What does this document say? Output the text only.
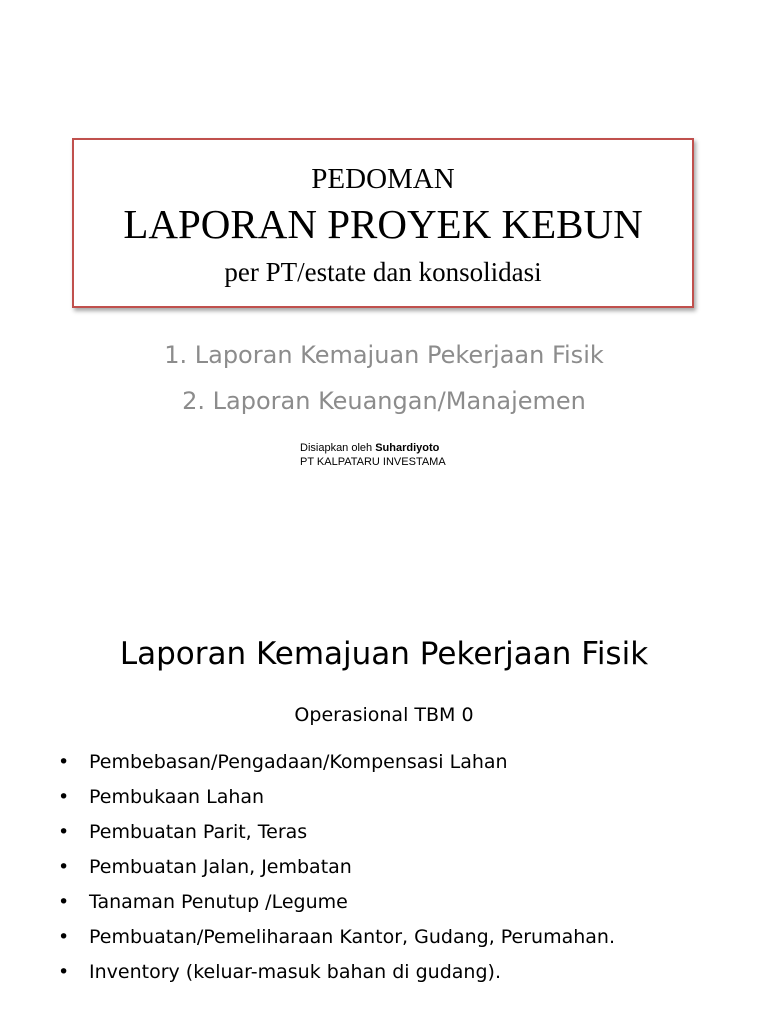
PEDOMAN
LAPORAN PROYEK KEBUN
per PT/estate dan konsolidasi
1. Laporan Kemajuan Pekerjaan Fisik
2. Laporan Keuangan/Manajemen
Disiapkan oleh Suhardiyoto
PT KALPATARU INVESTAMA
Laporan Kemajuan Pekerjaan Fisik
Operasional TBM 0
•	Pembebasan/Pengadaan/Kompensasi Lahan
•	Pembukaan Lahan
•	Pembuatan Parit, Teras
•	Pembuatan Jalan, Jembatan
•	Tanaman Penutup /Legume
•	Pembuatan/Pemeliharaan Kantor, Gudang, Perumahan.
•	Inventory (keluar-masuk bahan di gudang).
